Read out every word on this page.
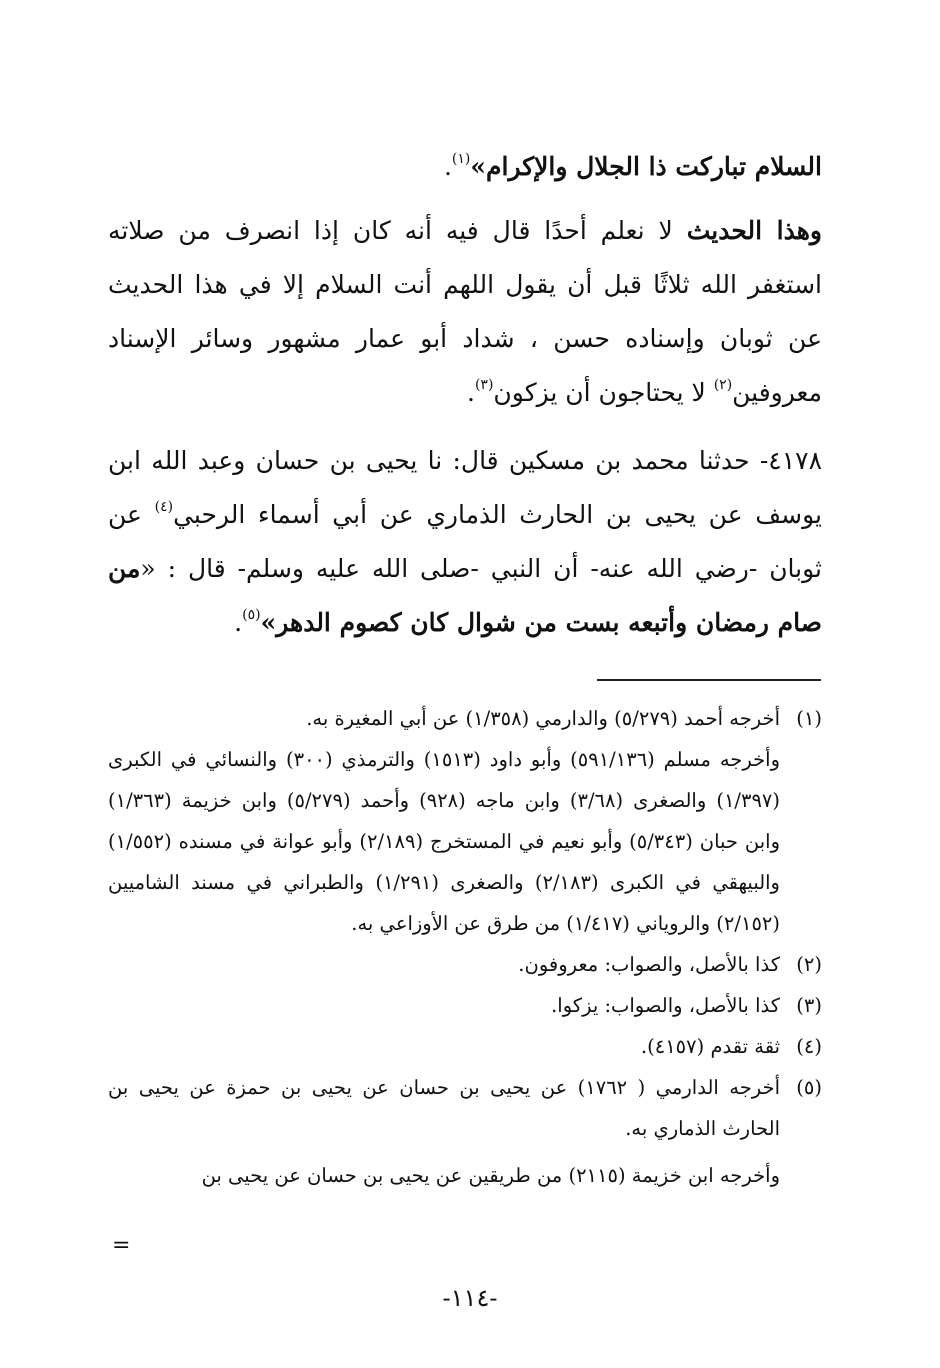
السلام تباركت ذا الجلال والإكرام»$^{(١)}$.

وهذا الحديث لا نعلم أحدًا قال فيه أنه كان إذا انصرف من صلاته استغفر الله ثلاثًا قبل أن يقول اللهم أنت السلام إلا في هذا الحديث عن ثوبان وإسناده حسن ، شداد أبو عمار مشهور وسائر الإسناد معروفين$^{(٢)}$ لا يحتاجون أن يزكون$^{(٣)}$.

٤١٧٨- حدثنا محمد بن مسكين قال: نا يحيى بن حسان وعبد الله ابن يوسف عن يحيى بن الحارث الذماري عن أبي أسماء الرحبي$^{(٤)}$ عن ثوبان -رضي الله عنه- أن النبي -صلى الله عليه وسلم- قال : «من صام رمضان وأتبعه بست من شوال كان كصوم الدهر»$^{(٥)}$.

(١)

أخرجه أحمد (٥/٢٧٩) والدارمي (١/٣٥٨) عن أبي المغيرة به.

وأخرجه مسلم (٥٩١/١٣٦) وأبو داود (١٥١٣) والترمذي (٣٠٠) والنسائي في الكبرى (١/٣٩٧) والصغرى (٣/٦٨) وابن ماجه (٩٢٨) وأحمد (٥/٢٧٩) وابن خزيمة (١/٣٦٣) وابن حبان (٥/٣٤٣) وأبو نعيم في المستخرج (٢/١٨٩) وأبو عوانة في مسنده (١/٥٥٢) والبيهقي في الكبرى (٢/١٨٣) والصغرى (١/٢٩١) والطبراني في مسند الشاميين (٢/١٥٢) والروياني (١/٤١٧) من طرق عن الأوزاعي به.

(٢)

كذا بالأصل، والصواب: معروفون.

(٣)

كذا بالأصل، والصواب: يزكوا.

(٤)

ثقة تقدم (٤١٥٧).

(٥)

أخرجه الدارمي ( ١٧٦٢) عن يحيى بن حسان عن يحيى بن حمزة عن يحيى بن الحارث الذماري به.

وأخرجه ابن خزيمة (٢١١٥) من طريقين عن يحيى بن حسان عن يحيى بن
=
-١١٤-
